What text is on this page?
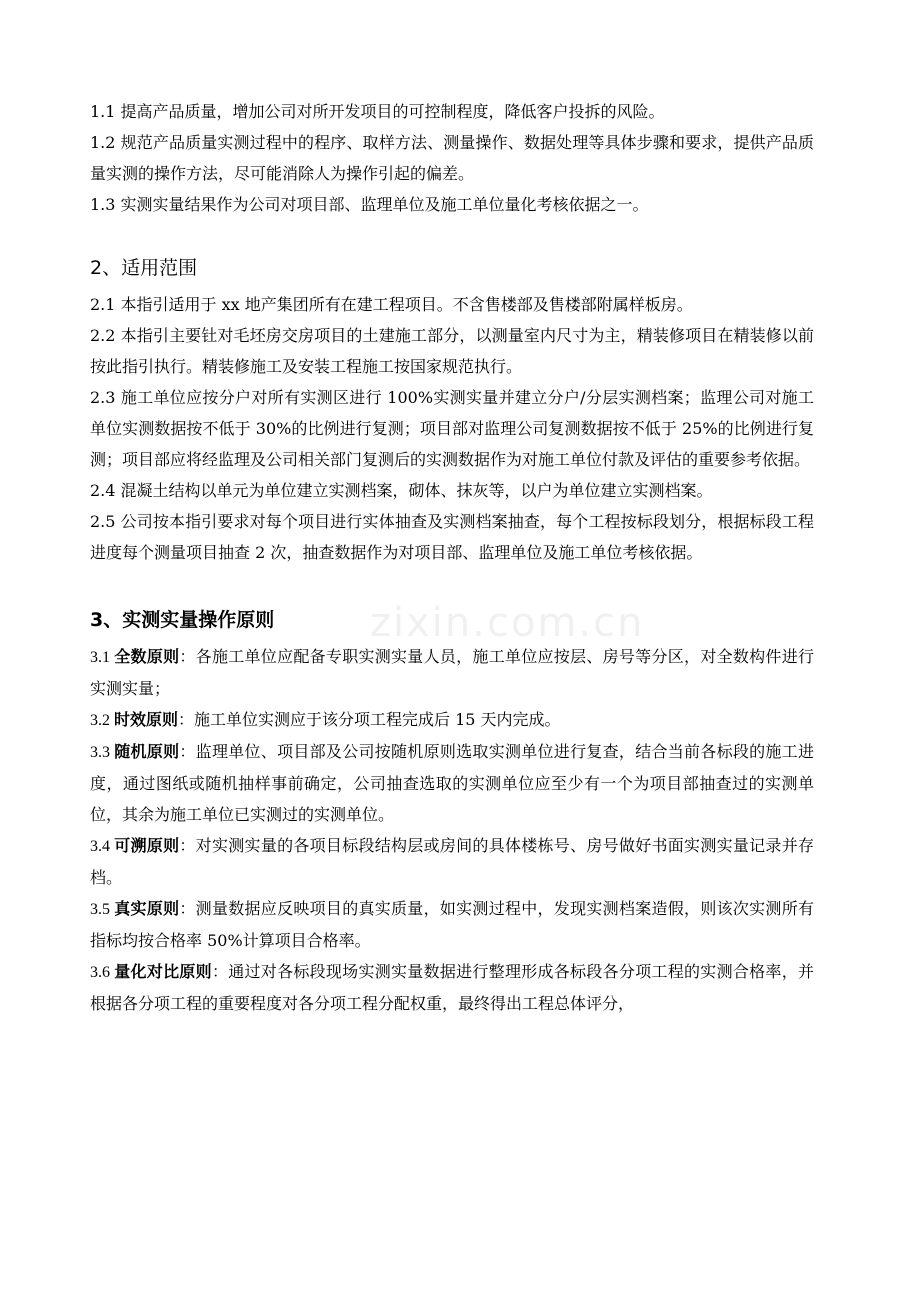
zixin.com.cn

1.1 提高产品质量，增加公司对所开发项目的可控制程度，降低客户投拆的风险。

1.2 规范产品质量实测过程中的程序、取样方法、测量操作、数据处理等具体步骤和要求，提供产品质量实测的操作方法，尽可能消除人为操作引起的偏差。

1.3 实测实量结果作为公司对项目部、监理单位及施工单位量化考核依据之一。

2、适用范围

2.1 本指引适用于 xx 地产集团所有在建工程项目。不含售楼部及售楼部附属样板房。

2.2 本指引主要钍对毛坯房交房项目的土建施工部分，以测量室内尺寸为主，精装修项目在精装修以前按此指引执行。精装修施工及安装工程施工按国家规范执行。

2.3 施工单位应按分户对所有实测区进行 100%实测实量并建立分户/分层实测档案；监理公司对施工单位实测数据按不低于 30%的比例进行复测；项目部对监理公司复测数据按不低于 25%的比例进行复测；项目部应将经监理及公司相关部门复测后的实测数据作为对施工单位付款及评估的重要参考依据。

2.4 混凝土结构以单元为单位建立实测档案，砌体、抹灰等，以户为单位建立实测档案。

2.5 公司按本指引要求对每个项目进行实体抽查及实测档案抽查，每个工程按标段划分，根据标段工程进度每个测量项目抽查 2 次，抽查数据作为对项目部、监理单位及施工单位考核依据。

3、实测实量操作原则

3.1 全数原则：各施工单位应配备专职实测实量人员，施工单位应按层、房号等分区，对全数构件进行实测实量；

3.2 时效原则：施工单位实测应于该分项工程完成后 15 天内完成。

3.3 随机原则：监理单位、项目部及公司按随机原则选取实测单位进行复查，结合当前各标段的施工进度，通过图纸或随机抽样事前确定，公司抽查选取的实测单位应至少有一个为项目部抽查过的实测单位，其余为施工单位已实测过的实测单位。

3.4 可溯原则：对实测实量的各项目标段结构层或房间的具体楼栋号、房号做好书面实测实量记录并存档。

3.5 真实原则：测量数据应反映项目的真实质量，如实测过程中，发现实测档案造假，则该次实测所有指标均按合格率 50%计算项目合格率。

3.6 量化对比原则：通过对各标段现场实测实量数据进行整理形成各标段各分项工程的实测合格率，并根据各分项工程的重要程度对各分项工程分配权重，最终得出工程总体评分，
